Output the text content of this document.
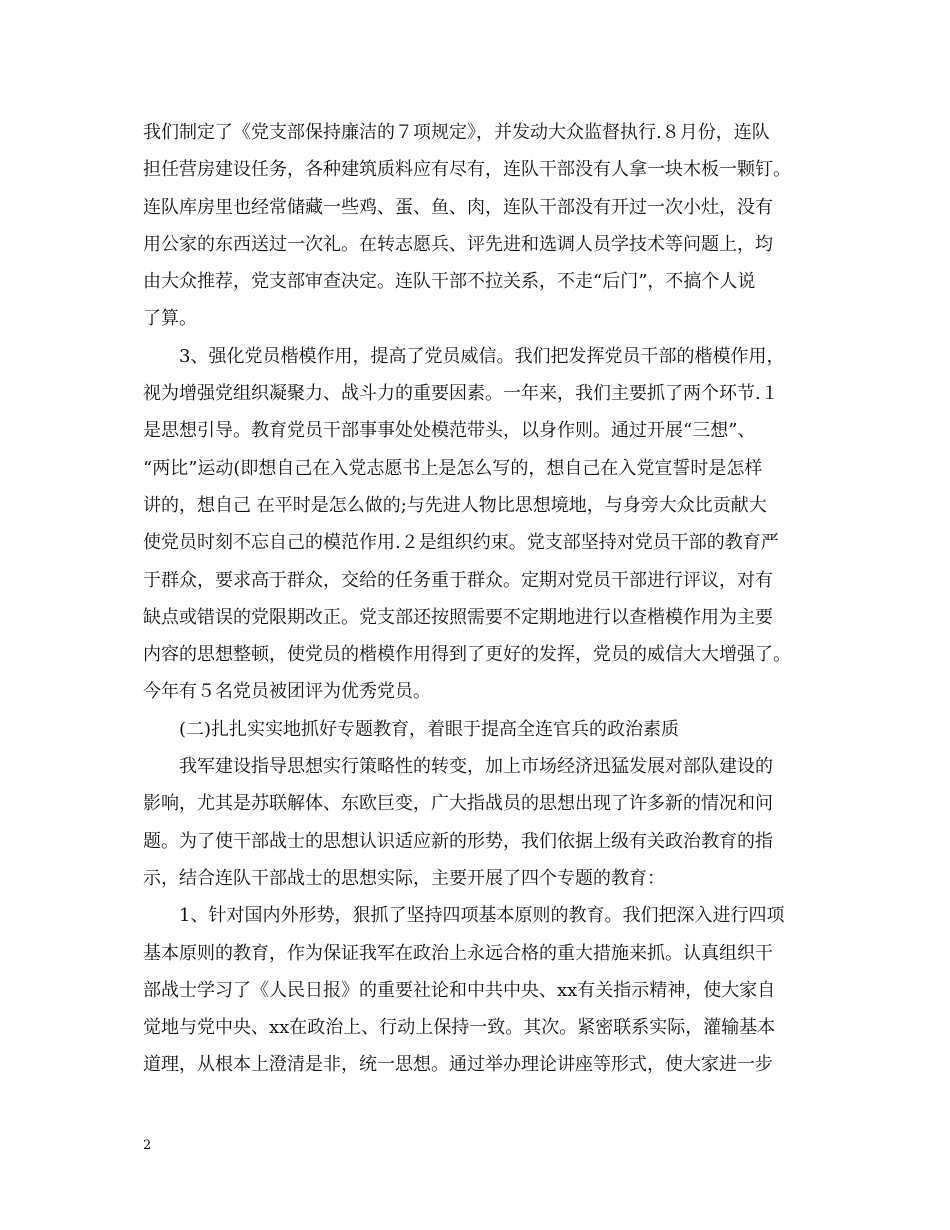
我们制定了《党支部保持廉洁的７项规定》，并发动大众监督执行.８月份，连队
担任营房建设任务，各种建筑质料应有尽有，连队干部没有人拿一块木板一颗钉。
连队库房里也经常储藏一些鸡、蛋、鱼、肉，连队干部没有开过一次小灶，没有
用公家的东西送过一次礼。在转志愿兵、评先进和选调人员学技术等问题上，均
由大众推荐，党支部审查决定。连队干部不拉关系，不走“后门”，不搞个人说
了算。
3、强化党员楷模作用，提高了党员威信。我们把发挥党员干部的楷模作用，
视为增强党组织凝聚力、战斗力的重要因素。一年来，我们主要抓了两个环节.１
是思想引导。教育党员干部事事处处模范带头，以身作则。通过开展“三想”、
“两比”运动(即想自己在入党志愿书上是怎么写的，想自己在入党宣誓时是怎样
讲的，想自己 在平时是怎么做的;与先进人物比思想境地，与身旁大众比贡献大
使党员时刻不忘自己的模范作用.２是组织约束。党支部坚持对党员干部的教育严
于群众，要求高于群众，交给的任务重于群众。定期对党员干部进行评议，对有
缺点或错误的党限期改正。党支部还按照需要不定期地进行以查楷模作用为主要
内容的思想整顿，使党员的楷模作用得到了更好的发挥，党员的威信大大增强了。
今年有５名党员被团评为优秀党员。
(二)扎扎实实地抓好专题教育，着眼于提高全连官兵的政治素质
我军建设指导思想实行策略性的转变，加上市场经济迅猛发展对部队建设的
影响，尤其是苏联解体、东欧巨变，广大指战员的思想出现了许多新的情况和问
题。为了使干部战士的思想认识适应新的形势，我们依据上级有关政治教育的指
示，结合连队干部战士的思想实际，主要开展了四个专题的教育：
1、针对国内外形势，狠抓了坚持四项基本原则的教育。我们把深入进行四项
基本原则的教育，作为保证我军在政治上永远合格的重大措施来抓。认真组织干
部战士学习了《人民日报》的重要社论和中共中央、xx有关指示精神，使大家自
觉地与党中央、xx在政治上、行动上保持一致。其次。紧密联系实际，灌输基本
道理，从根本上澄清是非，统一思想。通过举办理论讲座等形式，使大家进一步
2
